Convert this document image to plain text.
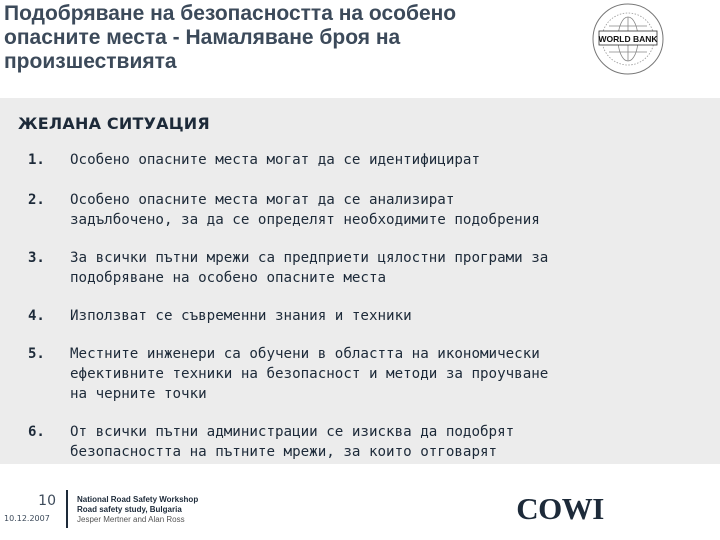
Подобряване на безопасността на особено
опасните места - Намаляване броя на
произшествията
WORLD BANK
ЖЕЛАНА СИТУАЦИЯ
1.	Особено опасните места могат да се идентифицират
2.	Особено опасните места могат да се анализират
задълбочено, за да се определят необходимите подобрения
3.	За всички пътни мрежи са предприети цялостни програми за
подобряване на особено опасните места
4.	Използват се съвременни знания и техники
5.	Местните инженери са обучени в областта на икономически
ефективните техники на безопасност и методи за проучване
на черните точки
6.	От всички пътни администрации се изисква да подобрят
безопасността на пътните мрежи, за които отговарят
10
10.12.2007
National Road Safety Workshop
Road safety study, Bulgaria
Jesper Mertner and Alan Ross	COWI
